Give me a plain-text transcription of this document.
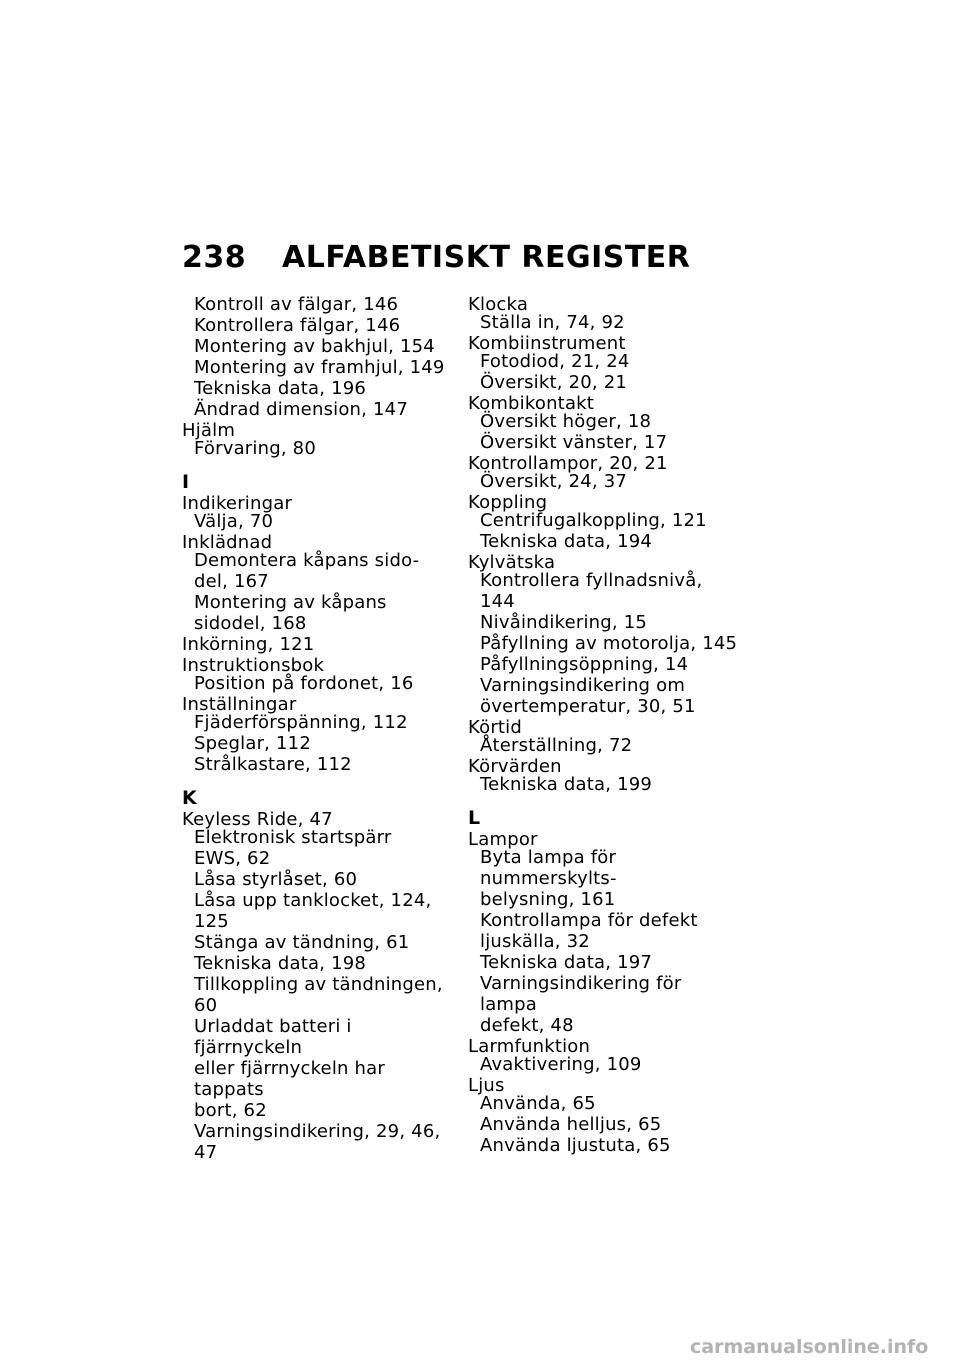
238	ALFABETISKT REGISTER
Kontroll av fälgar, 146
Kontrollera fälgar, 146
Montering av bakhjul, 154
Montering av framhjul, 149
Tekniska data, 196
Ändrad dimension, 147
Hjälm
Förvaring, 80
I
Indikeringar
Välja, 70
Inklädnad
Demontera kåpans sido-
del, 167
Montering av kåpans
sidodel, 168
Inkörning, 121
Instruktionsbok
Position på fordonet, 16
Inställningar
Fjäderförspänning, 112
Speglar, 112
Strålkastare, 112
K
Keyless Ride, 47
Elektronisk startspärr
EWS, 62
Låsa styrlåset, 60
Låsa upp tanklocket, 124,
125
Stänga av tändning, 61
Tekniska data, 198
Tillkoppling av tändningen, 60
Urladdat batteri i fjärrnyckeln
eller fjärrnyckeln har tappats
bort, 62
Varningsindikering, 29, 46, 47
Klocka
Ställa in, 74, 92
Kombiinstrument
Fotodiod, 21, 24
Översikt, 20, 21
Kombikontakt
Översikt höger, 18
Översikt vänster, 17
Kontrollampor, 20, 21
Översikt, 24, 37
Koppling
Centrifugalkoppling, 121
Tekniska data, 194
Kylvätska
Kontrollera fyllnadsnivå, 144
Nivåindikering, 15
Påfyllning av motorolja, 145
Påfyllningsöppning, 14
Varningsindikering om
övertemperatur, 30, 51
Körtid
Återställning, 72
Körvärden
Tekniska data, 199
L
Lampor
Byta lampa för nummerskylts-
belysning, 161
Kontrollampa för defekt
ljuskälla, 32
Tekniska data, 197
Varningsindikering för lampa
defekt, 48
Larmfunktion
Avaktivering, 109
Ljus
Använda, 65
Använda helljus, 65
Använda ljustuta, 65
carmanualsonline.info
